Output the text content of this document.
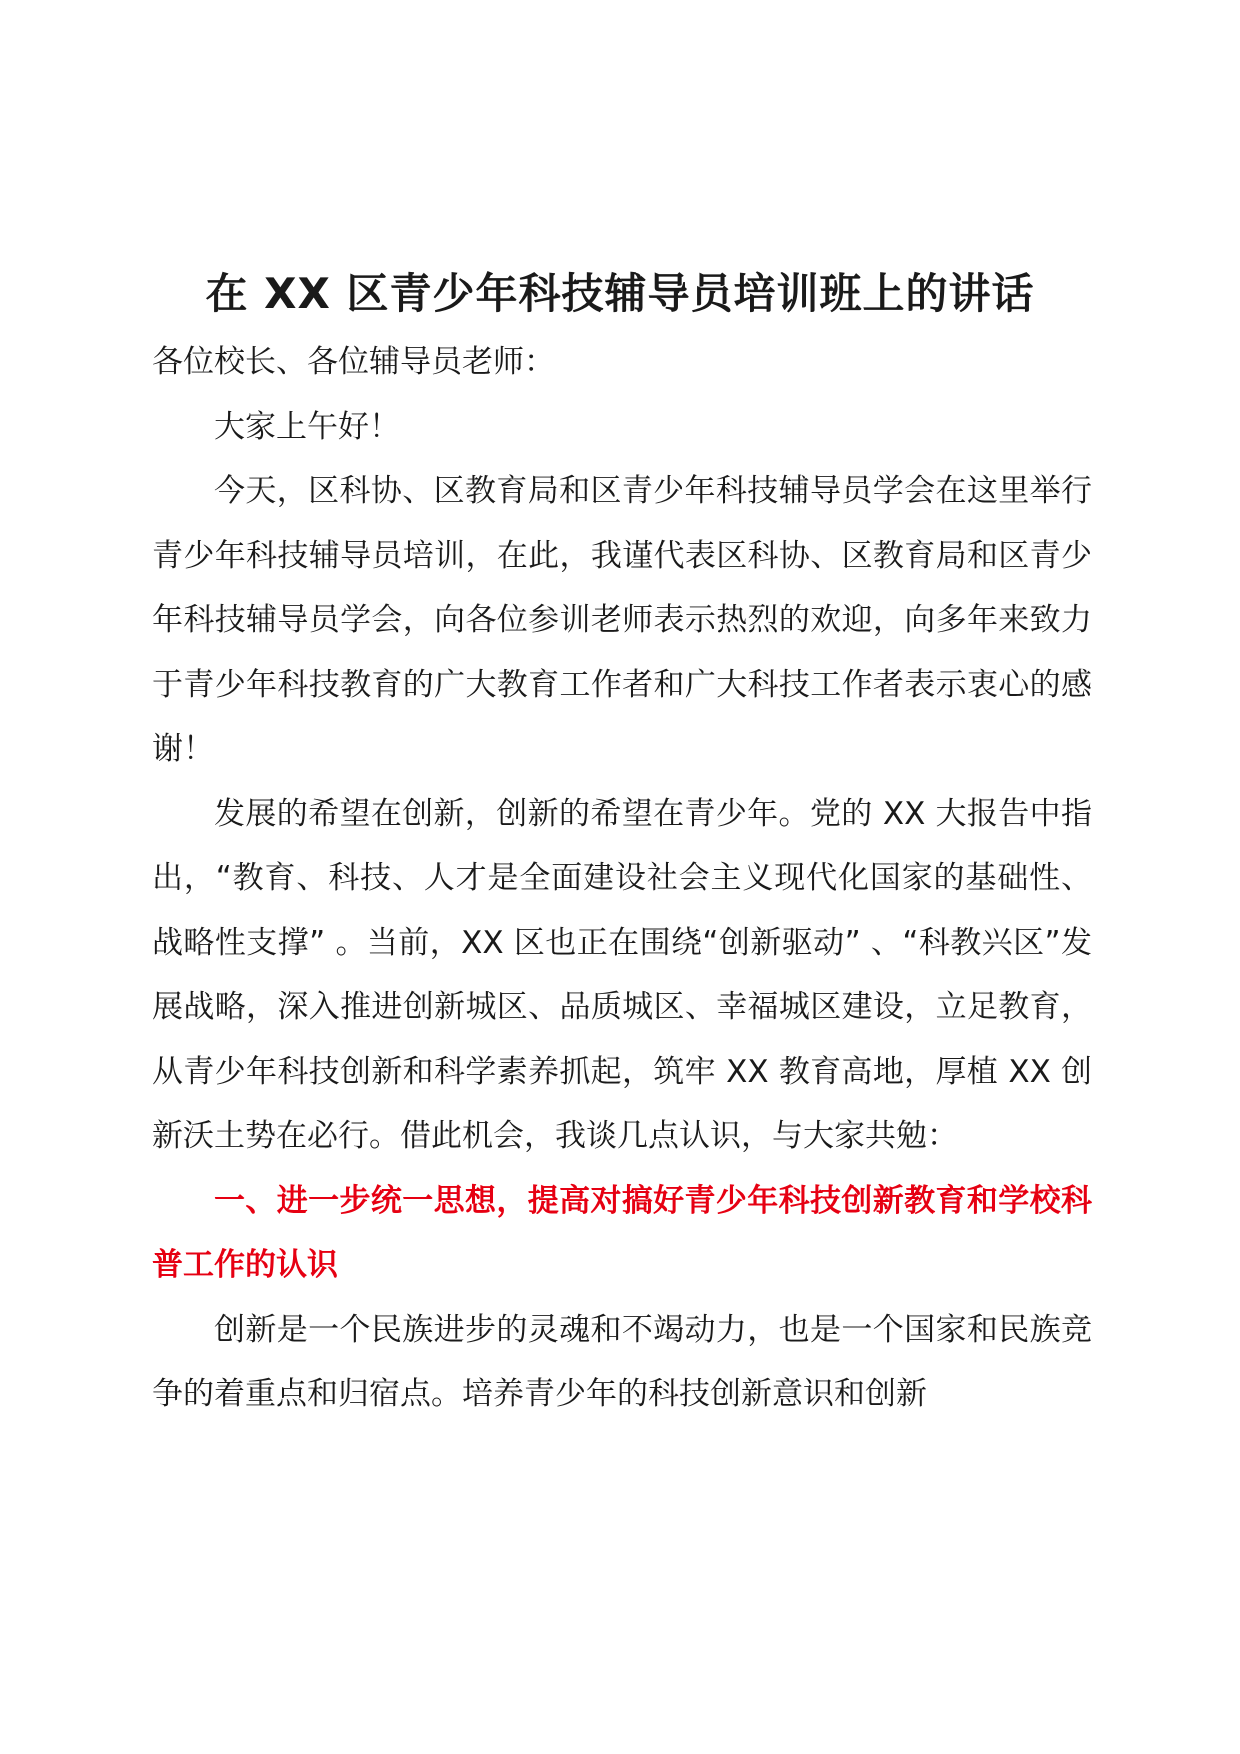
在 XX 区青少年科技辅导员培训班上的讲话

各位校长、各位辅导员老师：

大家上午好！

今天，区科协、区教育局和区青少年科技辅导员学会在这里举行青少年科技辅导员培训，在此，我谨代表区科协、区教育局和区青少年科技辅导员学会，向各位参训老师表示热烈的欢迎，向多年来致力于青少年科技教育的广大教育工作者和广大科技工作者表示衷心的感谢！

发展的希望在创新，创新的希望在青少年。党的 XX 大报告中指出，“教育、科技、人才是全面建设社会主义现代化国家的基础性、战略性支撑” 。当前，XX 区也正在围绕“创新驱动” 、“科教兴区”发展战略，深入推进创新城区、品质城区、幸福城区建设，立足教育，从青少年科技创新和科学素养抓起，筑牢 XX 教育高地，厚植 XX 创新沃土势在必行。借此机会，我谈几点认识，与大家共勉：

一、进一步统一思想，提高对搞好青少年科技创新教育和学校科普工作的认识

创新是一个民族进步的灵魂和不竭动力，也是一个国家和民族竞争的着重点和归宿点。培养青少年的科技创新意识和创新
